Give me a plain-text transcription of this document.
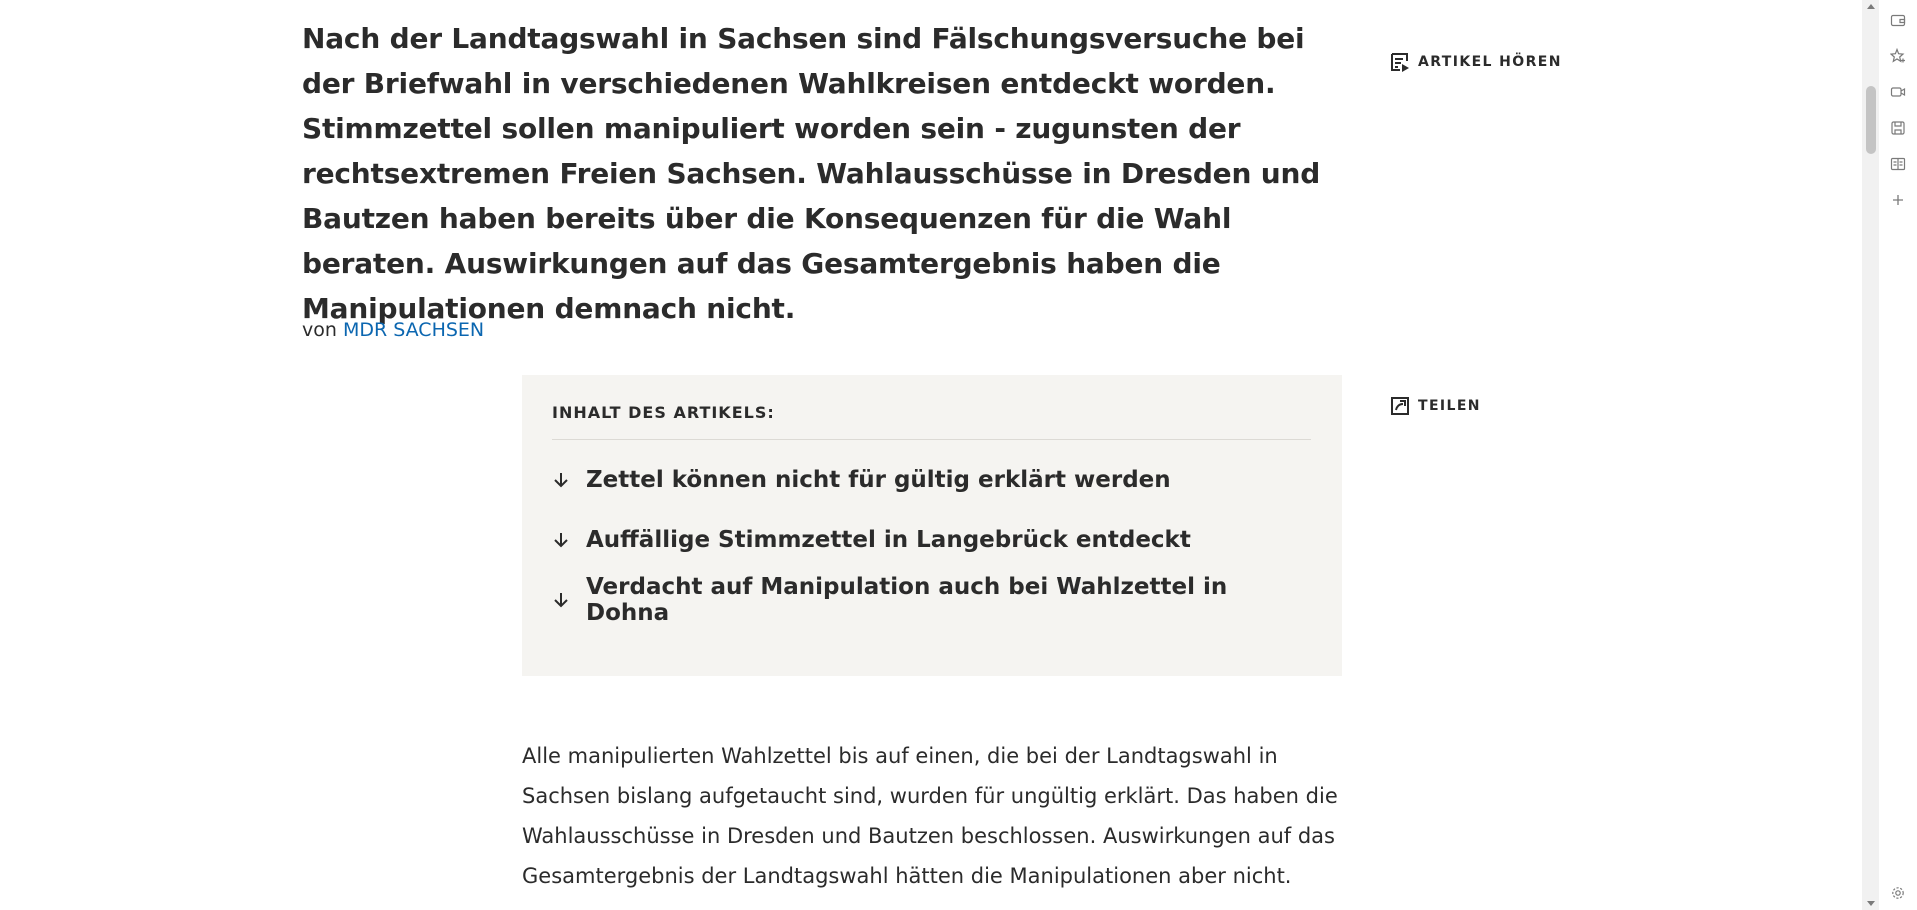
Nach der Landtagswahl in Sachsen sind Fälschungsversuche bei der Briefwahl in verschiedenen Wahlkreisen entdeckt worden. Stimmzettel sollen manipuliert worden sein - zugunsten der rechtsextremen Freien Sachsen. Wahlausschüsse in Dresden und Bautzen haben bereits über die Konsequenzen für die Wahl beraten. Auswirkungen auf das Gesamtergebnis haben die Manipulationen demnach nicht.

von MDR SACHSEN

ARTIKEL HÖREN
TEILEN
INHALT DES ARTIKELS:
Zettel können nicht für gültig erklärt werden
Auffällige Stimmzettel in Langebrück entdeckt
Verdacht auf Manipulation auch bei Wahlzettel in Dohna

Alle manipulierten Wahlzettel bis auf einen, die bei der Landtagswahl in Sachsen bislang aufgetaucht sind, wurden für ungültig erklärt. Das haben die Wahlausschüsse in Dresden und Bautzen beschlossen. Auswirkungen auf das Gesamtergebnis der Landtagswahl hätten die Manipulationen aber nicht.
